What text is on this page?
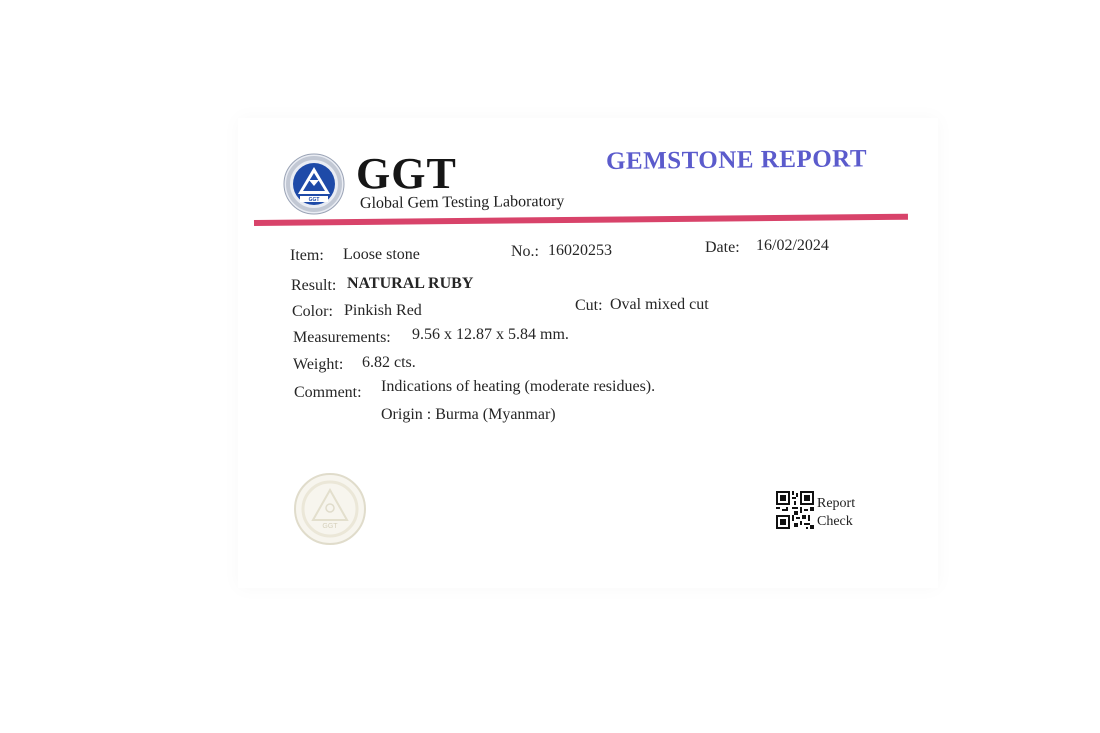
GGT
GGT
Global Gem Testing Laboratory
GEMSTONE REPORT
Item: Loose stone	No.: 16020253	Date: 16/02/2024
Result: NATURAL RUBY
Color: Pinkish Red	Cut: Oval mixed cut
Measurements: 9.56 x 12.87 x 5.84 mm.
Weight: 6.82 cts.
Comment: Indications of heating (moderate residues).
Origin : Burma (Myanmar)
GGT
Report
Check
